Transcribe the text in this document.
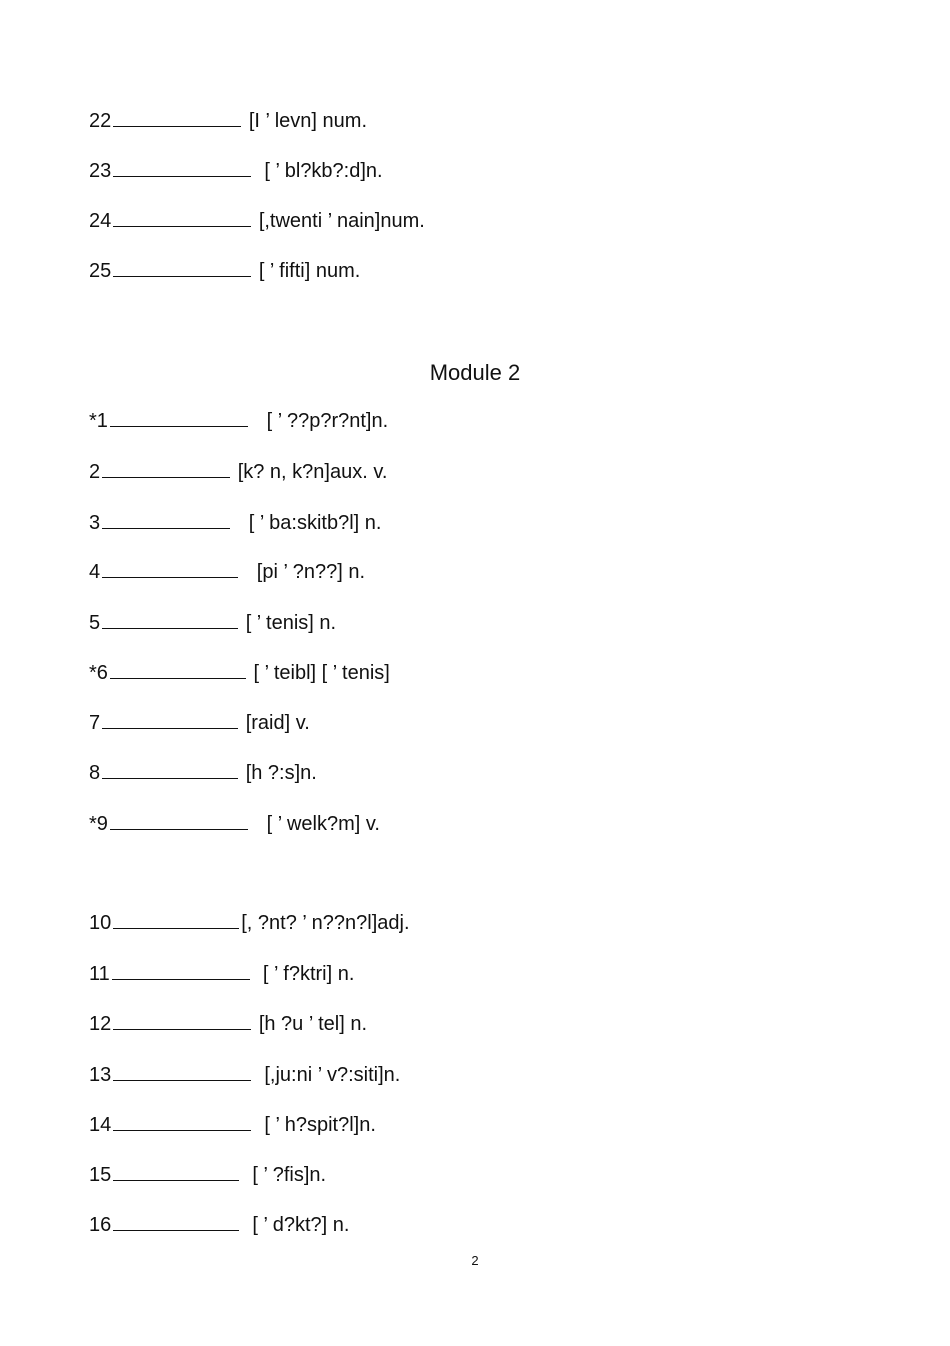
22	[I ’ levn] num.
23	[ ’ bl?kb?:d]n.
24	[,twenti ’ nain]num.
25	[ ’ fifti] num.
Module 2
*1	[ ’ ??p?r?nt]n.
2	[k? n, k?n]aux. v.
3	[ ’ ba:skitb?l] n.
4	[pi ’ ?n??] n.
5	[ ’ tenis] n.
*6	[ ’ teibl] [ ’ tenis]
7	[raid] v.
8	[h ?:s]n.
*9	[ ’ welk?m] v.
10	[, ?nt? ’ n??n?l]adj.
11	[ ’ f?ktri] n.
12	[h ?u ’ tel] n.
13	[,ju:ni ’ v?:siti]n.
14	[ ’ h?spit?l]n.
15	[ ’ ?fis]n.
16	[ ’ d?kt?] n.
2
